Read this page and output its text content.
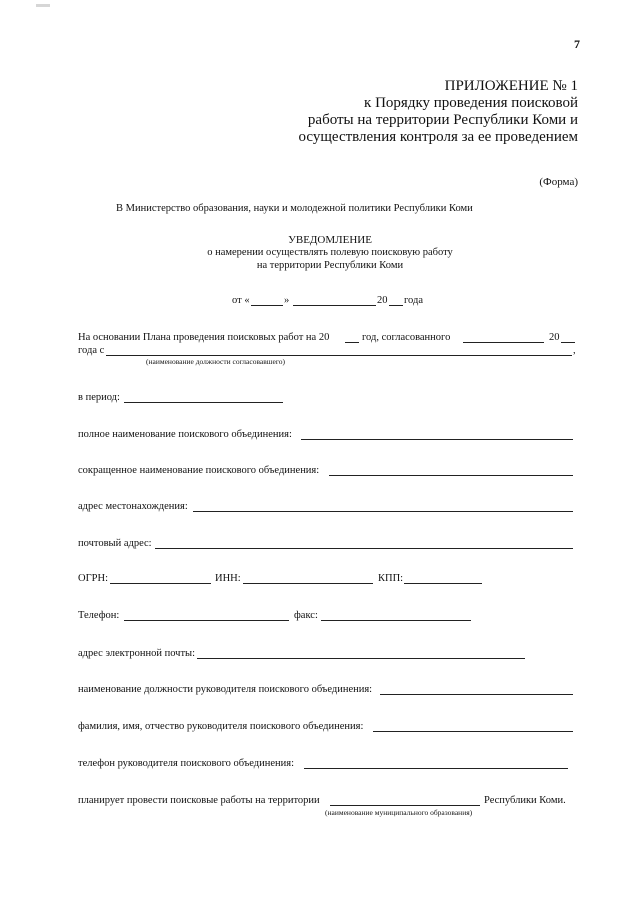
7
ПРИЛОЖЕНИЕ № 1
к Порядку проведения поисковой
работы на территории Республики Коми и
осуществления контроля за ее проведением
(Форма)
В Министерство образования, науки и молодежной политики Республики Коми
УВЕДОМЛЕНИЕ
о намерении осуществлять полевую поисковую работу
на территории Республики Коми
от «	»	20 года
На основании Плана проведения поисковых работ на 20	год, согласованного	20
года с	,
(наименование должности согласовавшего)
в период:
полное наименование поискового объединения:
сокращенное наименование поискового объединения:
адрес местонахождения:
почтовый адрес:
ОГРН:	ИНН:	КПП:
Телефон:	факс:
адрес электронной почты:
наименование должности руководителя поискового объединения:
фамилия, имя, отчество руководителя поискового объединения:
телефон руководителя поискового объединения:
планирует провести поисковые работы на территории	Республики Коми.
(наименование муниципального образования)
